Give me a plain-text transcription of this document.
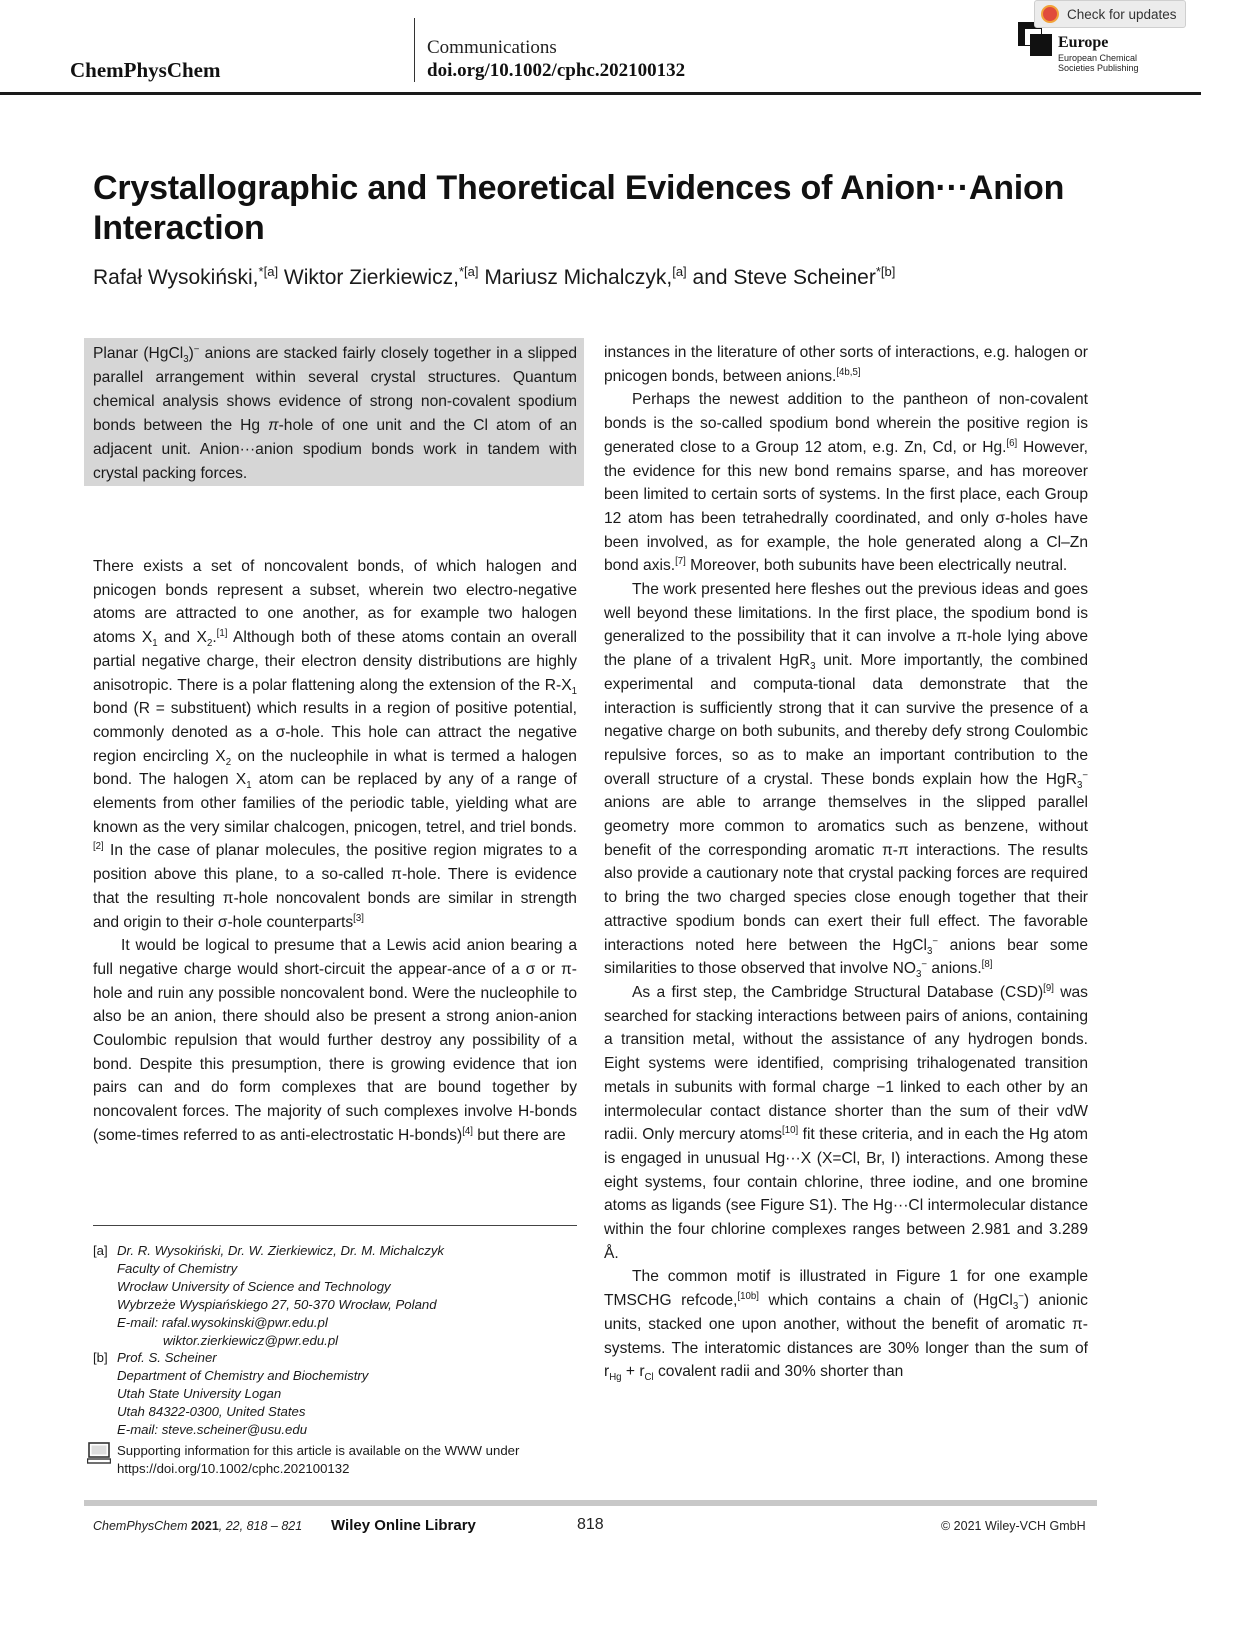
ChemPhysChem
Communications
doi.org/10.1002/cphc.202100132
Europe
European Chemical
Societies Publishing
Check for updates
Crystallographic and Theoretical Evidences of Anion···Anion Interaction
Rafał Wysokiński,$^{*[a]}$ Wiktor Zierkiewicz,$^{*[a]}$ Mariusz Michalczyk,[a] and Steve Scheiner$^{*[b]}$
Planar (HgCl$_3$)− anions are stacked fairly closely together in a slipped parallel arrangement within several crystal structures. Quantum chemical analysis shows evidence of strong non-covalent spodium bonds between the Hg π-hole of one unit and the Cl atom of an adjacent unit. Anion···anion spodium bonds work in tandem with crystal packing forces.

There exists a set of noncovalent bonds, of which halogen and pnicogen bonds represent a subset, wherein two electro-negative atoms are attracted to one another, as for example two halogen atoms $X_1$ and $X_2.[1]$ Although both of these atoms contain an overall partial negative charge, their electron density distributions are highly anisotropic. There is a polar flattening along the extension of the $R-X_1$ bond (R = substituent) which results in a region of positive potential, commonly denoted as a σ-hole. This hole can attract the negative region encircling $X_2$ on the nucleophile in what is termed a halogen bond. The halogen $X_1$ atom can be replaced by any of a range of elements from other families of the periodic table, yielding what are known as the very similar chalcogen, pnicogen, tetrel, and triel bonds.[2] In the case of planar molecules, the positive region migrates to a position above this plane, to a so-called π-hole. There is evidence that the resulting π-hole noncovalent bonds are similar in strength and origin to their σ-hole counterparts[3]

It would be logical to presume that a Lewis acid anion bearing a full negative charge would short-circuit the appear-ance of a σ or π-hole and ruin any possible noncovalent bond. Were the nucleophile to also be an anion, there should also be present a strong anion-anion Coulombic repulsion that would further destroy any possibility of a bond. Despite this presumption, there is growing evidence that ion pairs can and do form complexes that are bound together by noncovalent forces. The majority of such complexes involve H-bonds (some-times referred to as anti-electrostatic H-bonds)[4] but there are

instances in the literature of other sorts of interactions, e.g. halogen or pnicogen bonds, between anions.[4b,5]

Perhaps the newest addition to the pantheon of non-covalent bonds is the so-called spodium bond wherein the positive region is generated close to a Group 12 atom, e.g. Zn, Cd, or Hg.[6] However, the evidence for this new bond remains sparse, and has moreover been limited to certain sorts of systems. In the first place, each Group 12 atom has been tetrahedrally coordinated, and only σ-holes have been involved, as for example, the hole generated along a Cl–Zn bond axis.[7] Moreover, both subunits have been electrically neutral.

The work presented here fleshes out the previous ideas and goes well beyond these limitations. In the first place, the spodium bond is generalized to the possibility that it can involve a π-hole lying above the plane of a trivalent HgR$_3$ unit. More importantly, the combined experimental and computa-tional data demonstrate that the interaction is sufficiently strong that it can survive the presence of a negative charge on both subunits, and thereby defy strong Coulombic repulsive forces, so as to make an important contribution to the overall structure of a crystal. These bonds explain how the HgR$_3$− anions are able to arrange themselves in the slipped parallel geometry more common to aromatics such as benzene, without benefit of the corresponding aromatic π-π interactions. The results also provide a cautionary note that crystal packing forces are required to bring the two charged species close enough together that their attractive spodium bonds can exert their full effect. The favorable interactions noted here between the HgCl$_3$− anions bear some similarities to those observed that involve $NO_3^-$ anions.[8]

As a first step, the Cambridge Structural Database (CSD)[9] was searched for stacking interactions between pairs of anions, containing a transition metal, without the assistance of any hydrogen bonds. Eight systems were identified, comprising trihalogenated transition metals in subunits with formal charge −1 linked to each other by an intermolecular contact distance shorter than the sum of their vdW radii. Only mercury atoms[10] fit these criteria, and in each the Hg atom is engaged in unusual Hg···X (X=Cl, Br, I) interactions. Among these eight systems, four contain chlorine, three iodine, and one bromine atoms as ligands (see Figure S1). The Hg···Cl intermolecular distance within the four chlorine complexes ranges between 2.981 and 3.289 Å.

The common motif is illustrated in Figure 1 for one example TMSCHG refcode,[10b] which contains a chain of (HgCl$_3$−) anionic units, stacked one upon another, without the benefit of aromatic π-systems. The interatomic distances are 30% longer than the sum of $r_{Hg} + r_{Cl}$ covalent radii and 30% shorter than

[a] Dr. R. Wysokiński, Dr. W. Zierkiewicz, Dr. M. Michalczyk
Faculty of Chemistry
Wrocław University of Science and Technology
Wybrzeże Wyspiańskiego 27, 50-370 Wrocław, Poland
E-mail: rafal.wysokinski@pwr.edu.pl
wiktor.zierkiewicz@pwr.edu.pl
[b] Prof. S. Scheiner
Department of Chemistry and Biochemistry
Utah State University Logan
Utah 84322-0300, United States
E-mail: steve.scheiner@usu.edu
Supporting information for this article is available on the WWW under https://doi.org/10.1002/cphc.202100132
ChemPhysChem 2021, 22, 818 – 821 Wiley Online Library	818	© 2021 Wiley-VCH GmbH
